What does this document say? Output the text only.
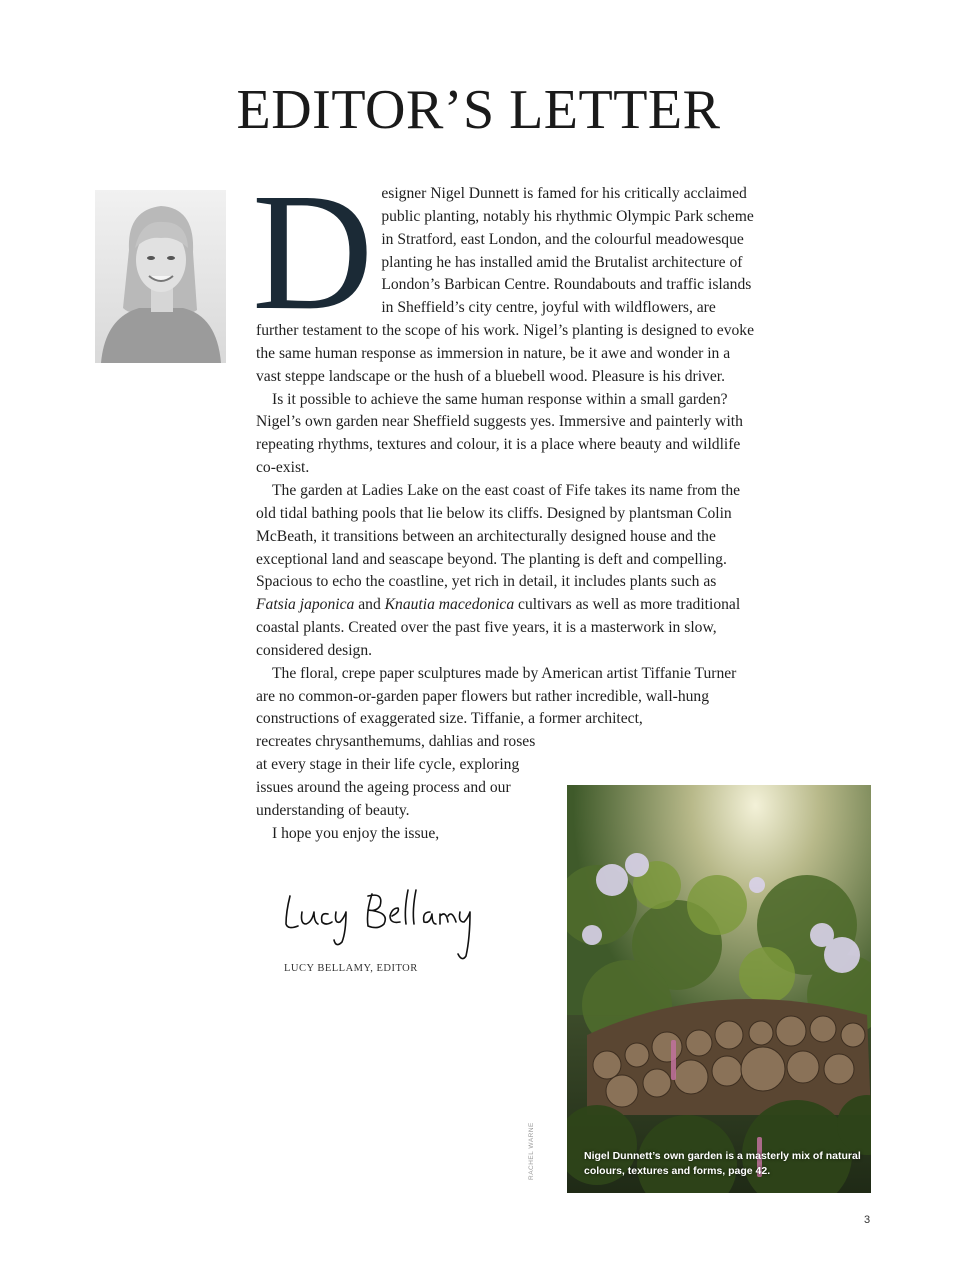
EDITOR’S LETTER

Designer Nigel Dunnett is famed for his critically acclaimed public planting, notably his rhythmic Olympic Park scheme in Stratford, east London, and the colourful meadowesque planting he has installed amid the Brutalist architecture of London’s Barbican Centre. Roundabouts and traffic islands in Sheffield’s city centre, joyful with wildflowers, are further testament to the scope of his work. Nigel’s planting is designed to evoke the same human response as immersion in nature, be it awe and wonder in a vast steppe landscape or the hush of a bluebell wood. Pleasure is his driver.

Is it possible to achieve the same human response within a small garden? Nigel’s own garden near Sheffield suggests yes. Immersive and painterly with repeating rhythms, textures and colour, it is a place where beauty and wildlife co-exist.

The garden at Ladies Lake on the east coast of Fife takes its name from the old tidal bathing pools that lie below its cliffs. Designed by plantsman Colin McBeath, it transitions between an architecturally designed house and the exceptional land and seascape beyond. The planting is deft and compelling. Spacious to echo the coastline, yet rich in detail, it includes plants such as Fatsia japonica and Knautia macedonica cultivars as well as more traditional coastal plants. Created over the past five years, it is a masterwork in slow, considered design.

The floral, crepe paper sculptures made by American artist Tiffanie Turner are no common-or-garden paper flowers but rather incredible, wall-hung constructions of exaggerated size. Tiffanie, a former architect,

recreates chrysanthemums, dahlias and roses at every stage in their life cycle, exploring issues around the ageing process and our understanding of beauty.

I hope you enjoy the issue,

LUCY BELLAMY, EDITOR
Nigel Dunnett’s own garden is a masterly mix of natural colours, textures and forms, page 42.
RACHEL WARNE
3
